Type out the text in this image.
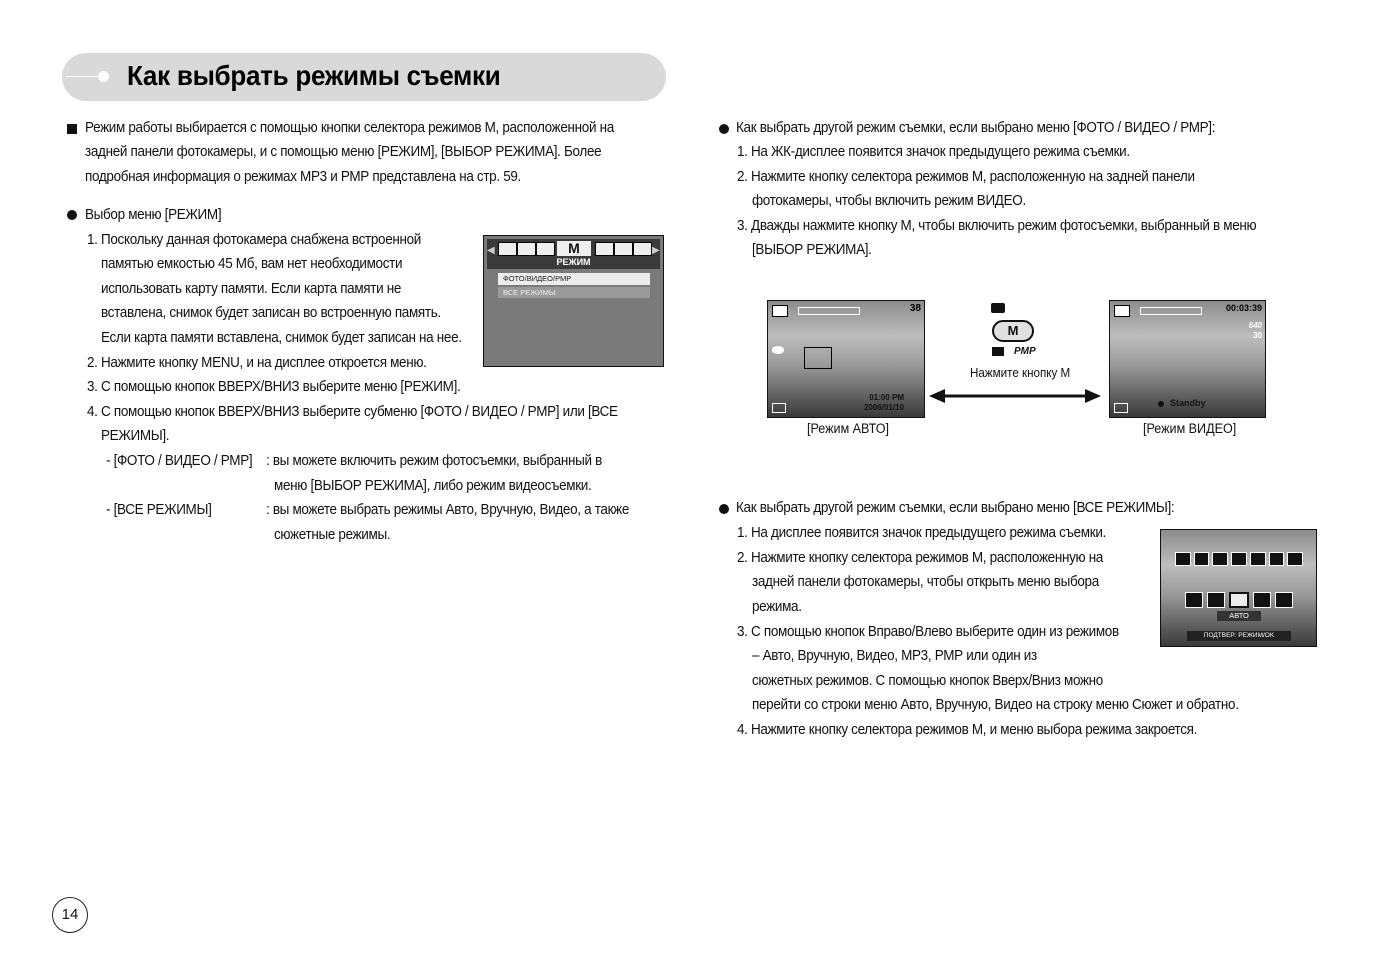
Как выбрать режимы съемки
Режим работы выбирается с помощью кнопки селектора режимов М, расположенной на
задней панели фотокамеры, и с помощью меню [РЕЖИМ], [ВЫБОР РЕЖИМА]. Более
подробная информация о режимах МР3 и РМР представлена на стр. 59.
Выбор меню [РЕЖИМ]
1. Поскольку данная фотокамера снабжена встроенной
памятью емкостью 45 Мб, вам нет необходимости
использовать карту памяти. Если карта памяти не
вставлена, снимок будет записан во встроенную память.
Если карта памяти вставлена, снимок будет записан на нее.
2. Нажмите кнопку MENU, и на дисплее откроется меню.
3. С помощью кнопок ВВЕРХ/ВНИЗ выберите меню [РЕЖИМ].
4. С помощью кнопок ВВЕРХ/ВНИЗ выберите субменю [ФОТО / ВИДЕО / РМР] или [ВСЕ
РЕЖИМЫ].
- [ФОТО / ВИДЕО / РМР] : вы можете включить режим фотосъемки, выбранный в
меню [ВЫБОР РЕЖИМА], либо режим видеосъемки.
- [ВСЕ РЕЖИМЫ]	: вы можете выбрать режимы Авто, Вручную, Видео, а также
сюжетные режимы.
◀	M	▶
РЕЖИМ
ФОТО/ВИДЕО/РМР
ВСЕ РЕЖИМЫ
Как выбрать другой режим съемки, если выбрано меню [ФОТО / ВИДЕО / РМР]:
1. На ЖК-дисплее появится значок предыдущего режима съемки.
2. Нажмите кнопку селектора режимов М, расположенную на задней панели
фотокамеры, чтобы включить режим ВИДЕО.
3. Дважды нажмите кнопку М, чтобы включить режим фотосъемки, выбранный в меню
[ВЫБОР РЕЖИМА].
38
01:00 PM
2006/01/10
[Режим АВТО]
M
PMP
Нажмите кнопку М
00:03:39
640
30
Standby
[Режим ВИДЕО]
Как выбрать другой режим съемки, если выбрано меню [ВСЕ РЕЖИМЫ]:
1. На дисплее появится значок предыдущего режима съемки.
2. Нажмите кнопку селектора режимов М, расположенную на
задней панели фотокамеры, чтобы открыть меню выбора
режима.
3. С помощью кнопок Вправо/Влево выберите один из режимов
– Авто, Вручную, Видео, МР3, РМР или один из
сюжетных режимов. С помощью кнопок Вверх/Вниз можно
перейти со строки меню Авто, Вручную, Видео на строку меню Сюжет и обратно.
4. Нажмите кнопку селектора режимов М, и меню выбора режима закроется.
АВТО
ПОДТВЕР: РЕЖИМ/OK
14
